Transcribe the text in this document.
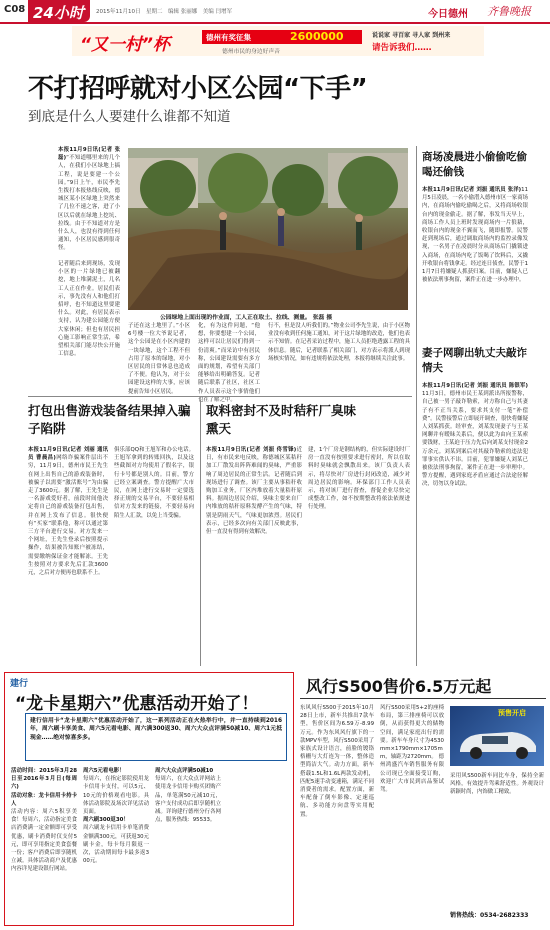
C08 24小时 2015年11月10日　星期二　编辑 张丽娜　美编 闫增军	今日德州 齐鲁晚报
“又一村”杯	德州有奖征集	2600000
德州市民的身边好声音
说说家 寻百家 寻人家 到州来
请告诉我们……
不打招呼就对小区公园“下手”
到底是什么人要建什么谁都不知道
本报11月9日讯(记者 张磊)“不知道哪里来的几个人，在我们小区绿地上搞工程，说是要建一个公园。”9日上午，市民李先生拨打本报热线反映，德城区某小区绿地上突然来了几位不速之客，进了小区以后就在绿地上挖坑、拉线。由于不知道对方是什么人，也没有得到任何通知，小区居民感到很奇怪。
记者随后来到现场，发现小区的一片绿地已被翻挖，地上堆满泥土，几名工人正在作业。居民们表示，事先没有人和他们打招呼，也不知道这里要建什么。对此，有居民表示支持，认为建公园能方便大家休闲；但也有居民担心施工影响正常生活，希望相关部门能尽快公开施工信息。
公园绿地上面出现的作业面，工人正在取土、拉线、测量。 张磊 摄
子还在这土地里了。”小区6号楼一位大爷说记者，这个公园是在小区内建的一块绿地，这个工程不但占用了原本的绿地，对小区居民的日常休息也造成了不便。他认为，对于公园建设这样的大事，应该提前告知小区居民。
化，有为这件问题，“他想，你要想建一个公园，这样可以让居民们得到一份清爽。”而采访中有居民称，公园建设需要有多方面的规划，希望有关部门能够给出明确答复。记者随后联系了社区，社区工作人员表示这个事情他们也在了解之中。
行不，但是没人听我们的。”物业公司李先生说，由于小区物业没有收到任何施工通知，对于这片绿地的改造，他们也表示不知情。在记者采访过程中，施工人员拒绝透露工程的具体信息。随后，记者联系了相关部门，对方表示将派人到现场核实情况，如有违规将依法处理，本报将继续关注此事。
商场凌晨进小偷偷吃偷喝还偷钱
本报11月9日讯(记者 刘振 通讯员 张洋)11月5日凌晨，一名小偷潜入德州市区一家商场内，在商场内偷吃偷喝之后，又将商场收银台内的现金偷走。据了解，事发当天早上，商场工作人员上班时发现商场内一片狼藉，收银台内的现金不翼而飞，随即报警。民警赶到现场后，通过调取商场内的监控录像发现，一名男子在凌晨时分从商场后门撬锁进入商场，在商场内吃了饭喝了饮料后，又撬开收银台将钱拿走。经过连日侦查，民警于11月7日将嫌疑人抓获归案。目前，嫌疑人已被依法刑事拘留，案件正在进一步办理中。
妻子网聊出轨丈夫敲诈情夫
本报11月9日讯(记者 刘振 通讯员 陈银军)11月3日，德州市民王某到派出所报警称，自己被一男子敲诈勒索，对方称自己与其妻子有不正当关系，要求其支付一笔“补偿费”。民警接警后立即展开调查，很快将嫌疑人刘某抓获。经审查，刘某发现妻子与王某网聊并有暧昧关系后，便以此为由向王某索要钱财，王某迫于压力先后向刘某支付现金2万余元。刘某到案后对其敲诈勒索的违法犯罪事实供认不讳。目前，犯罪嫌疑人刘某已被依法刑事拘留，案件正在进一步审理中。警方提醒，遇到家庭矛盾应通过合法途径解决，切勿以身试法。
打包出售游戏装备结果掉入骗子陷阱
本报11月9日讯(记者 刘丽 通讯员 曹晨昌)网络诈骗案件层出不穷，11月9日，德州市民王先生在网上出售自己的游戏装备时，被骗子以需要“激活账号”为由骗走了3600元。据了解，王先生是一名游戏爱好者，前段时间他决定将自己的游戏装备打包出售，并在网上发布了信息。很快便有“买家”联系他，称可以通过第三方平台进行交易。对方发来一个网址，王先生登录后按照提示操作，结果被告知账户被冻结，需要缴纳保证金才能解冻。王先生按照对方要求先后汇款3600元，之后对方便再也联系不上。
俱乐部QQ和王旭军和办公电话。王旭军拿到的转账回执，以及这些截图对方均使用了假名字，银行卡号都是别人的。目前，警方已经立案调查。警方提醒广大市民，在网上进行交易时一定要选择正规的交易平台，不要轻易相信对方发来的链接，不要轻易向陌生人汇款，以免上当受骗。
取料密封不及时秸秆厂臭味熏天
本报11月9日讯(记者 刘振 佟雪锋)近日，有市民来电反映，称德城区某秸秆加工厂散发出阵阵难闻的臭味，严重影响了周边居民的正常生活。记者随后到现场进行了调查。该厂主要从事秸秆收购加工业务，厂区内堆放着大量秸秆原料。据周边居民介绍，臭味主要来自厂内堆放的秸秆原料发酵产生的气味，特别是阴雨天气，气味更加浓烈。居民们表示，已经多次向有关部门反映此事，但一直没有得到有效解决。
建，1个厂房是钢结构的，但实际建设时厂房一直没有按照要求进行密封，所以在取料时臭味就会飘散出来。该厂负责人表示，将尽快对厂房进行封闭改造，减少对周边居民的影响。环保部门工作人员表示，将对该厂进行督查，督促企业尽快完成整改工作，如不按期整改将依法依规进行处理。
建行
“龙卡星期六”优惠活动开始了！
建行信用卡“龙卡星期六”优惠活动开始了，这一系列活动正在火热举行中，并一直持续到2016年，周六刷卡享美食、周六5元看电影、周六满300返30、周六大众点评满50减10、周六1元抵现金……绝对惊喜多多。
活动时间：2015年3月28日至2016年3月日(每周六)
活动对象：龙卡信用卡持卡人
活动内容：周六5积享美食！每周六，活动指定美食店消费满一定金额即可享受优惠，刷卡消费时仅支付5元，即可享用指定美食套餐一份；客户消费后即享随机立减。具体活动商户及优惠内容详见建设银行网站。
周六5元看电影！
每周六，在指定影院使用龙卡信用卡支付，可以5元、10元的价格观看电影。具体活动影院及场次详见活动页面。
周六刷300返30！
周六刷龙卡信用卡单笔消费金额满300元，可获返30元刷卡金，每卡每月限返一次，活动期间每卡最多返300元。
周六大众点评满50减10
每周六，在大众点评网站上使用龙卡信用卡购买团购产品，单笔满50元减10元，客户支付成功后即享随机立减。详询建行德州分行各网点，服务热线：95533。
风行S500售价6.5万元起
东风风行S500于2015年10月28日上市，新车共推出7款车型，售价区间为6.59万-8.99万元。作为东风风行旗下的一款MPV车型，风行S500采用了家族式设计语言，前脸的镀铬格栅与大灯连为一体，整体造型简洁大气。动力方面，新车搭载1.5L和1.6L两款发动机，匹配5速手动变速箱，满足不同消费者的需求。配置方面，新车配备了倒车影像、定速巡航、多功能方向盘等实用配置。
风行S500采用5+2的座椅布局，第三排座椅可以放倒，从而获得更大的储物空间，满足家庭出行的需要。新车车身尺寸为4530mm×1790mm×1705mm，轴距为2720mm。 德州鸿盛汽车销售服务有限公司现已全面接受订购，欢迎广大市民到店品鉴试驾。
预售开启
采用风S500新车同比车身，保持全新风格，有效提升驾乘舒适性。外观设计新颖时尚，内饰做工精致。
销售热线：0534-2682333
